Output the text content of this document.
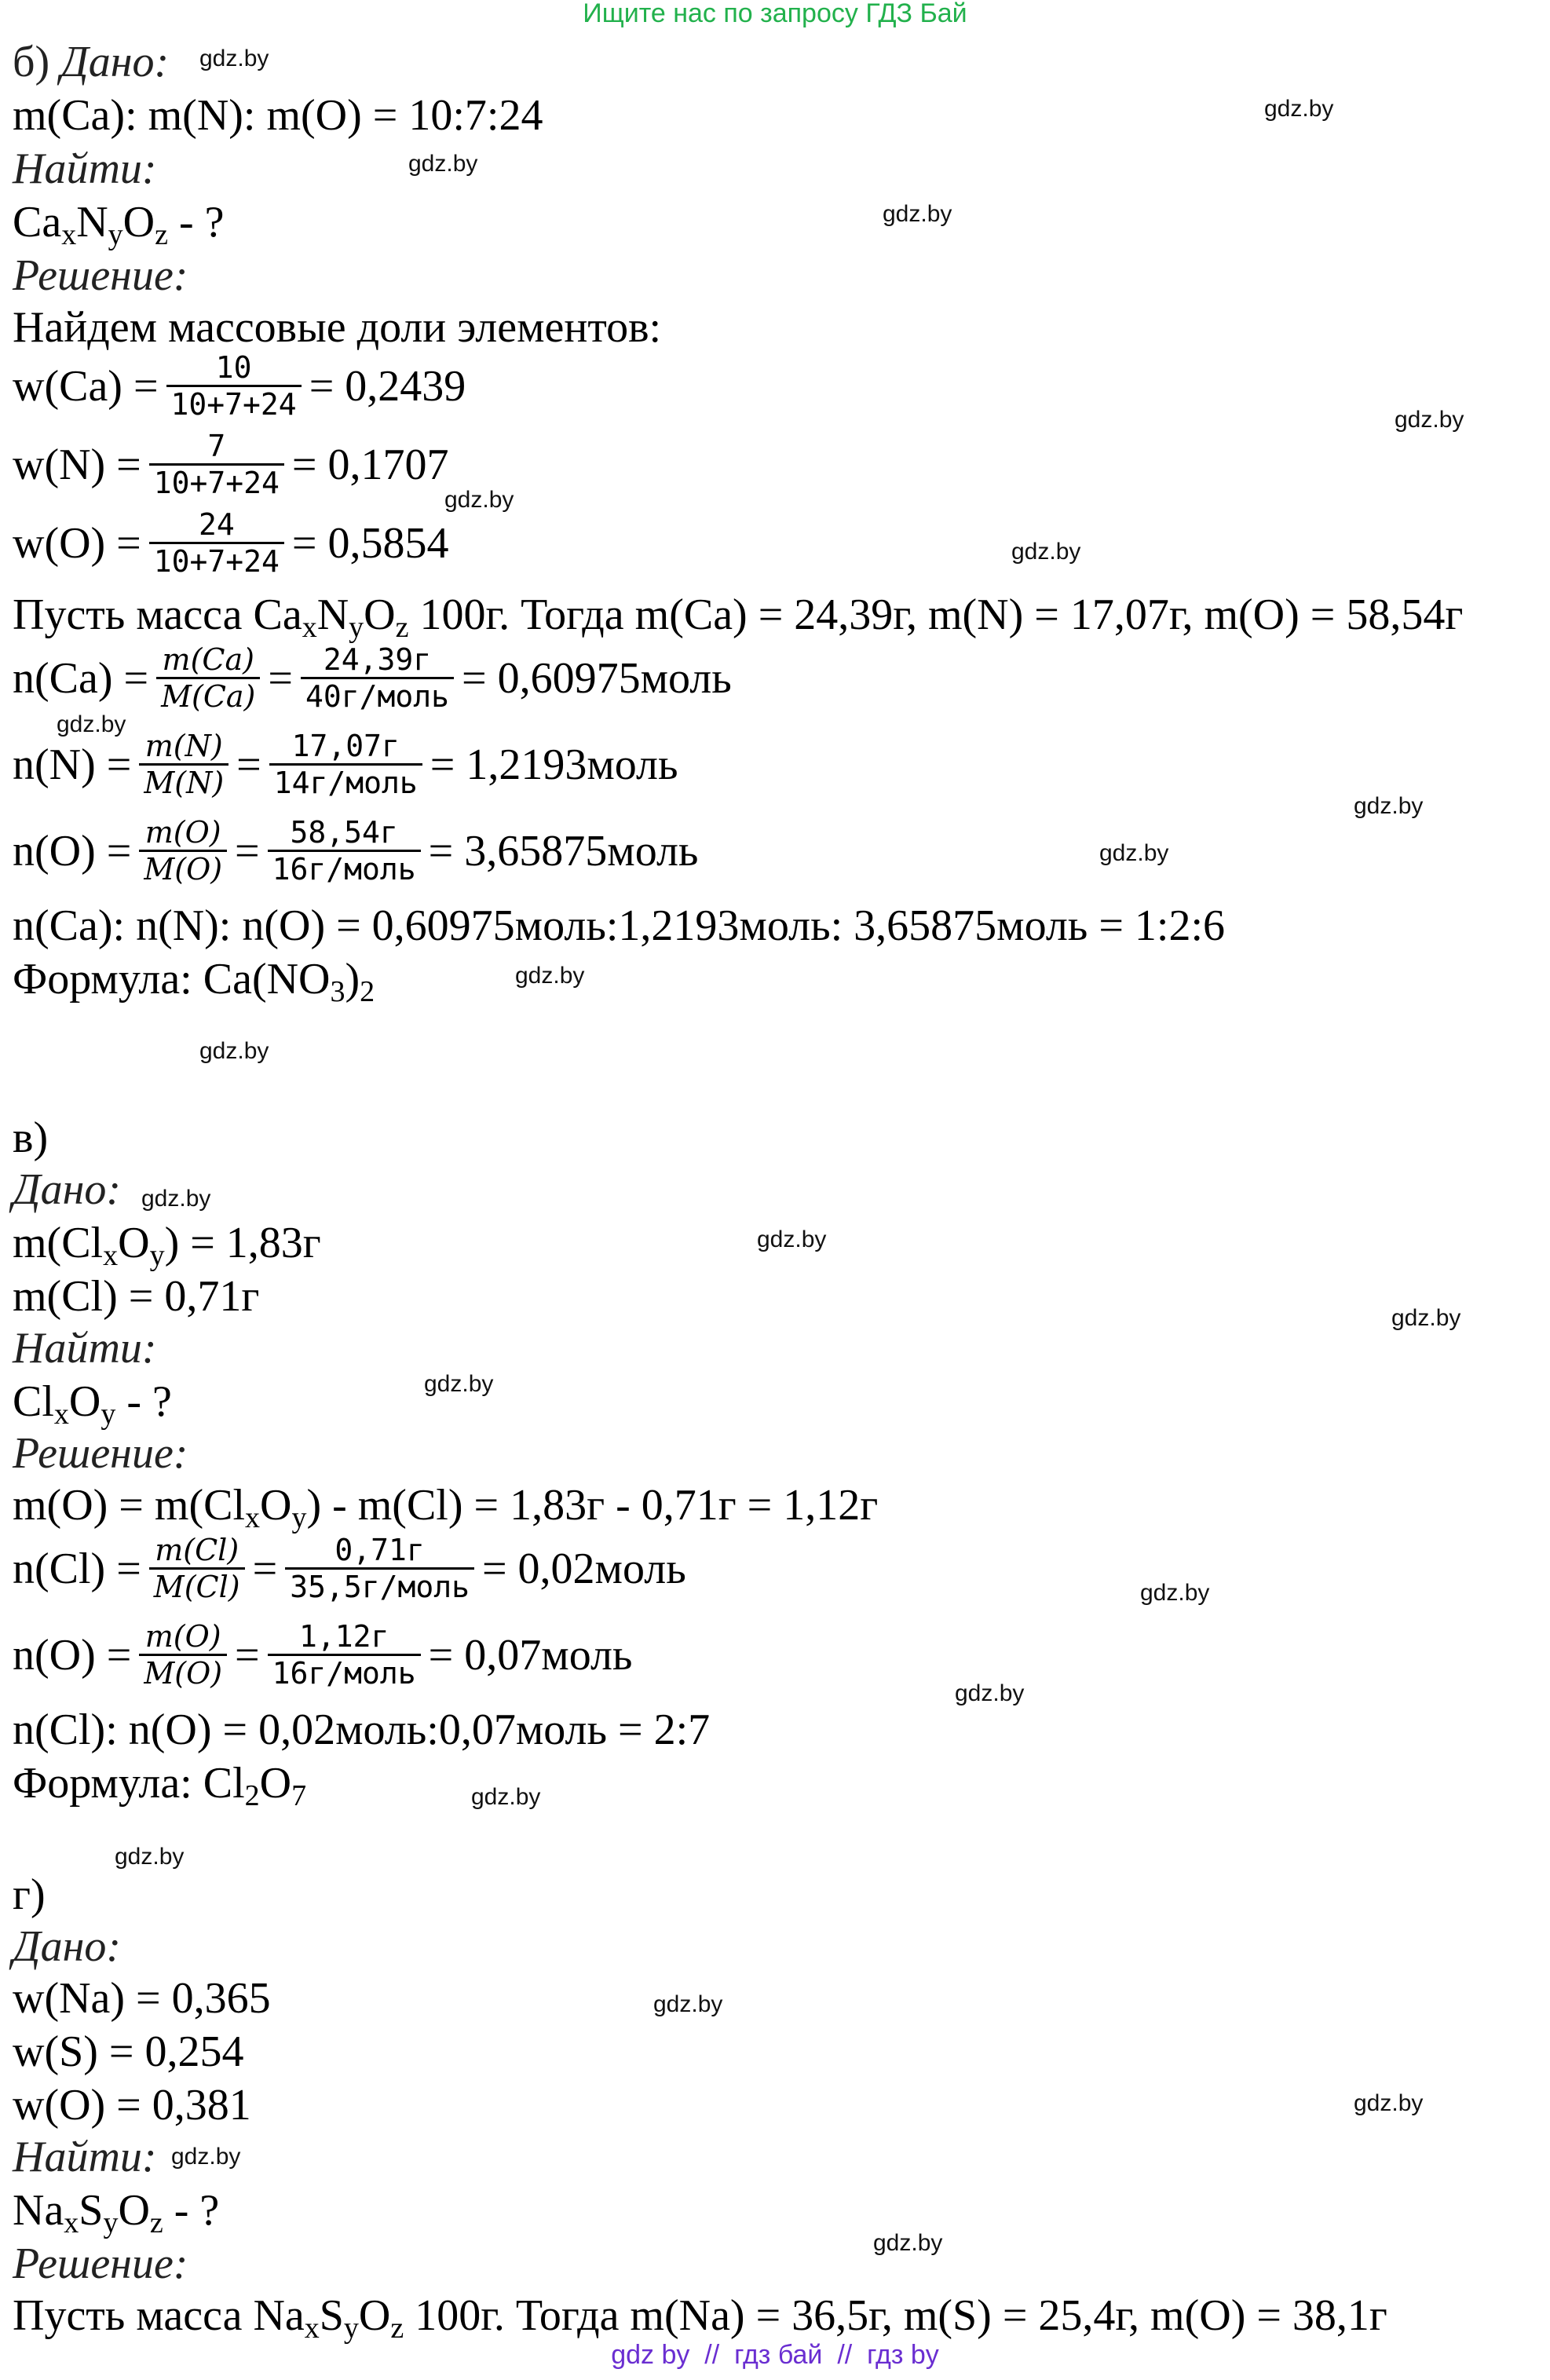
Ищите нас по запросу ГДЗ Бай
б) Дано:
m(Ca): m(N): m(O) = 10:7:24
Найти:
$Ca_xN_yO_z$ - ?
Решение:
Найдем массовые доли элементов:
$w(Ca) = \frac{10}{10+7+24} = 0,2439$
$w(N) = \frac{7}{10+7+24} = 0,1707$
$w(O) = \frac{24}{10+7+24} = 0,5854$
Пусть масса $Ca_xN_yO_z$ 100г. Тогда m(Ca) = 24,39г, m(N) = 17,07г, m(O) = 58,54г
$n(Ca) = \frac{m(Ca)}{M(Ca)} = \frac{24,39г}{\text{40г/моль}}$ = 0,60975моль
$n(N) = \frac{m(N)}{M(N)} = \frac{17,07г}{\text{14г/моль}}$ = 1,2193моль
$n(O) = \frac{m(O)}{M(O)} = \frac{58,54г}{\text{16г/моль}}$ = 3,65875моль
n(Ca): n(N): n(O) = 0,60975моль:1,2193моль: 3,65875моль = 1:2:6
Формула: $Ca(NO_3)_2$
в)
Дано:
$m(Cl_xO_y) = 1,83г$
m(Cl) = 0,71г
Найти:
$Cl_xO_y$ - ?
Решение:
$m(O) = m(Cl_xO_y) - m(Cl) = 1,83г - 0,71г = 1,12г$
$n(Cl) = \frac{m(Cl)}{M(Cl)} = \frac{0,71г}{\text{35,5г/моль}}$ = 0,02моль
$n(O) = \frac{m(O)}{M(O)} = \frac{1,12г}{\text{16г/моль}}$ = 0,07моль
n(Cl): n(O) = 0,02моль:0,07моль = 2:7
Формула: $Cl_2O_7$
г)
Дано:
w(Na) = 0,365
w(S) = 0,254
w(O) = 0,381
Найти:
$Na_xS_yO_z$ - ?
Решение:
Пусть масса $Na_xS_yO_z$ 100г. Тогда m(Na) = 36,5г, m(S) = 25,4г, m(O) = 38,1г
gdz.by
gdz.by
gdz.by
gdz.by
gdz.by
gdz.by
gdz.by
gdz.by
gdz.by
gdz.by
gdz.by
gdz.by
gdz.by
gdz.by
gdz.by
gdz.by
gdz.by
gdz.by
gdz.by
gdz.by
gdz.by
gdz.by
gdz.by
gdz.by
gdz by  //  гдз бай  //  гдз by
